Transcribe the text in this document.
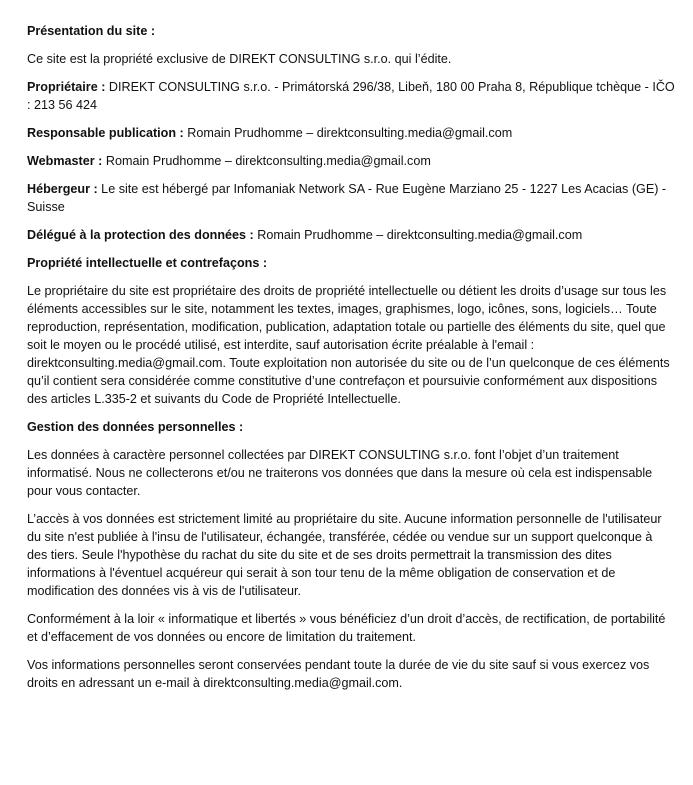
Présentation du site :

Ce site est la propriété exclusive de DIREKT CONSULTING s.r.o. qui l’édite.

Propriétaire : DIREKT CONSULTING s.r.o. - Primátorská 296/38, Libeň, 180 00 Praha 8, République tchèque - IČO : 213 56 424

Responsable publication : Romain Prudhomme – direktconsulting.media@gmail.com

Webmaster : Romain Prudhomme – direktconsulting.media@gmail.com

Hébergeur : Le site est hébergé par Infomaniak Network SA - Rue Eugène Marziano 25 - 1227 Les Acacias (GE) - Suisse

Délégué à la protection des données : Romain Prudhomme – direktconsulting.media@gmail.com

Propriété intellectuelle et contrefaçons :

Le propriétaire du site est propriétaire des droits de propriété intellectuelle ou détient les droits d’usage sur tous les éléments accessibles sur le site, notamment les textes, images, graphismes, logo, icônes, sons, logiciels… Toute reproduction, représentation, modification, publication, adaptation totale ou partielle des éléments du site, quel que soit le moyen ou le procédé utilisé, est interdite, sauf autorisation écrite préalable à l'email : direktconsulting.media@gmail.com. Toute exploitation non autorisée du site ou de l’un quelconque de ces éléments qu’il contient sera considérée comme constitutive d’une contrefaçon et poursuivie conformément aux dispositions des articles L.335-2 et suivants du Code de Propriété Intellectuelle.

Gestion des données personnelles :

Les données à caractère personnel collectées par DIREKT CONSULTING s.r.o. font l’objet d’un traitement informatisé. Nous ne collecterons et/ou ne traiterons vos données que dans la mesure où cela est indispensable pour vous contacter.

L’accès à vos données est strictement limité au propriétaire du site. Aucune information personnelle de l'utilisateur du site n'est publiée à l'insu de l'utilisateur, échangée, transférée, cédée ou vendue sur un support quelconque à des tiers. Seule l'hypothèse du rachat du site du site et de ses droits permettrait la transmission des dites informations à l'éventuel acquéreur qui serait à son tour tenu de la même obligation de conservation et de modification des données vis à vis de l'utilisateur.

Conformément à la loir « informatique et libertés » vous bénéficiez d’un droit d’accès, de rectification, de portabilité et d’effacement de vos données ou encore de limitation du traitement.

Vos informations personnelles seront conservées pendant toute la durée de vie du site sauf si vous exercez vos droits en adressant un e-mail à direktconsulting.media@gmail.com.
